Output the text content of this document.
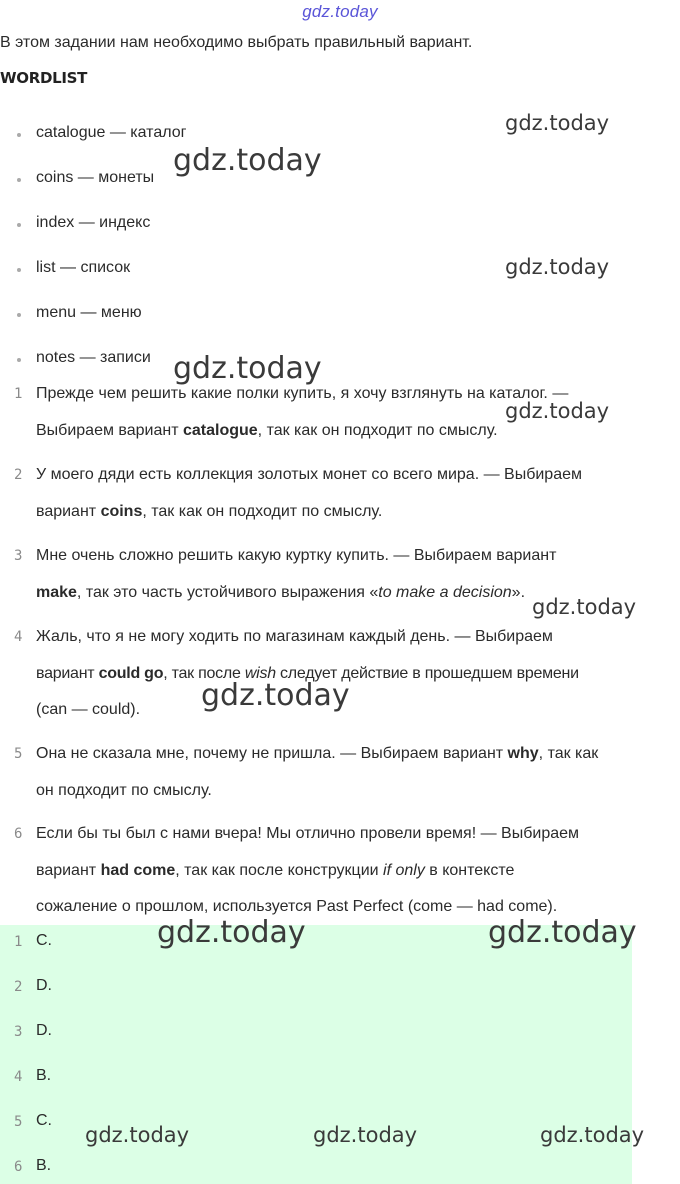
gdz.today
В этом задании нам необходимо выбрать правильный вариант.
WORDLIST
catalogue — каталог
coins — монеты
index — индекс
list — список
menu — меню
notes — записи
1 Прежде чем решить какие полки купить, я хочу взглянуть на каталог. —
Выбираем вариант catalogue, так как он подходит по смыслу.
2 У моего дяди есть коллекция золотых монет со всего мира. — Выбираем
вариант coins, так как он подходит по смыслу.
3 Мне очень сложно решить какую куртку купить. — Выбираем вариант
make, так это часть устойчивого выражения «to make a decision».
4 Жаль, что я не могу ходить по магазинам каждый день. — Выбираем
вариант could go, так после wish следует действие в прошедшем времени
(can — could).
5 Она не сказала мне, почему не пришла. — Выбираем вариант why, так как
он подходит по смыслу.
6 Если бы ты был с нами вчера! Мы отлично провели время! — Выбираем
вариант had come, так как после конструкции if only в контексте
сожаление о прошлом, используется Past Perfect (come — had come).
1 C.
2 D.
3 D.
4 B.
5 C.
6 B.
gdz.today
gdz.today
gdz.today
gdz.today
gdz.today
gdz.today
gdz.today
gdz.today	gdz.today
gdz.today	gdz.today	gdz.today
